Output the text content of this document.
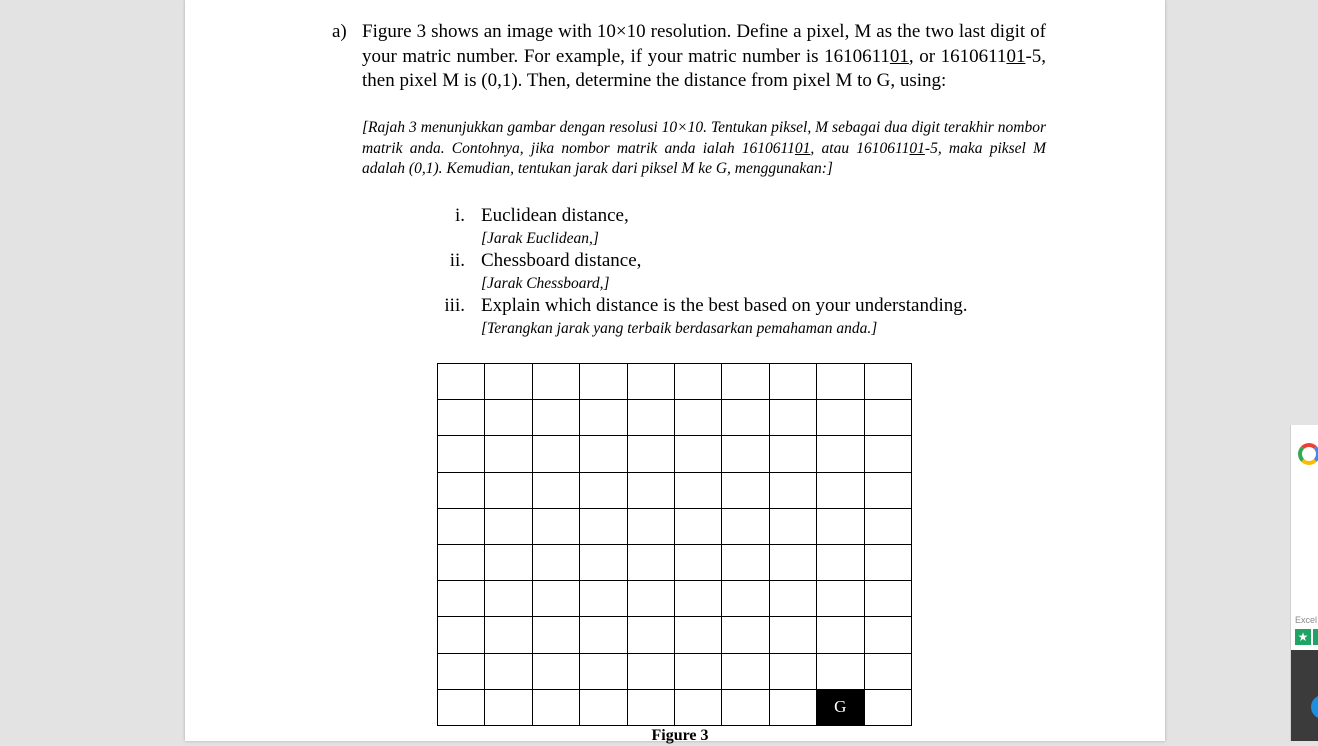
a) Figure 3 shows an image with 10×10 resolution. Define a pixel, M as the two last digit of your matric number. For example, if your matric number is 161061101, or 161061101-5, then pixel M is (0,1). Then, determine the distance from pixel M to G, using:
[Rajah 3 menunjukkan gambar dengan resolusi 10×10. Tentukan piksel, M sebagai dua digit terakhir nombor matrik anda. Contohnya, jika nombor matrik anda ialah 161061101, atau 161061101-5, maka piksel M adalah (0,1). Kemudian, tentukan jarak dari piksel M ke G, menggunakan:]
i. Euclidean distance,
[Jarak Euclidean,]
ii. Chessboard distance,
[Jarak Chessboard,]
iii. Explain which distance is the best based on your understanding.
[Terangkan jarak yang terbaik berdasarkan pemahaman anda.]

								G	
Figure 3
Excel
★
